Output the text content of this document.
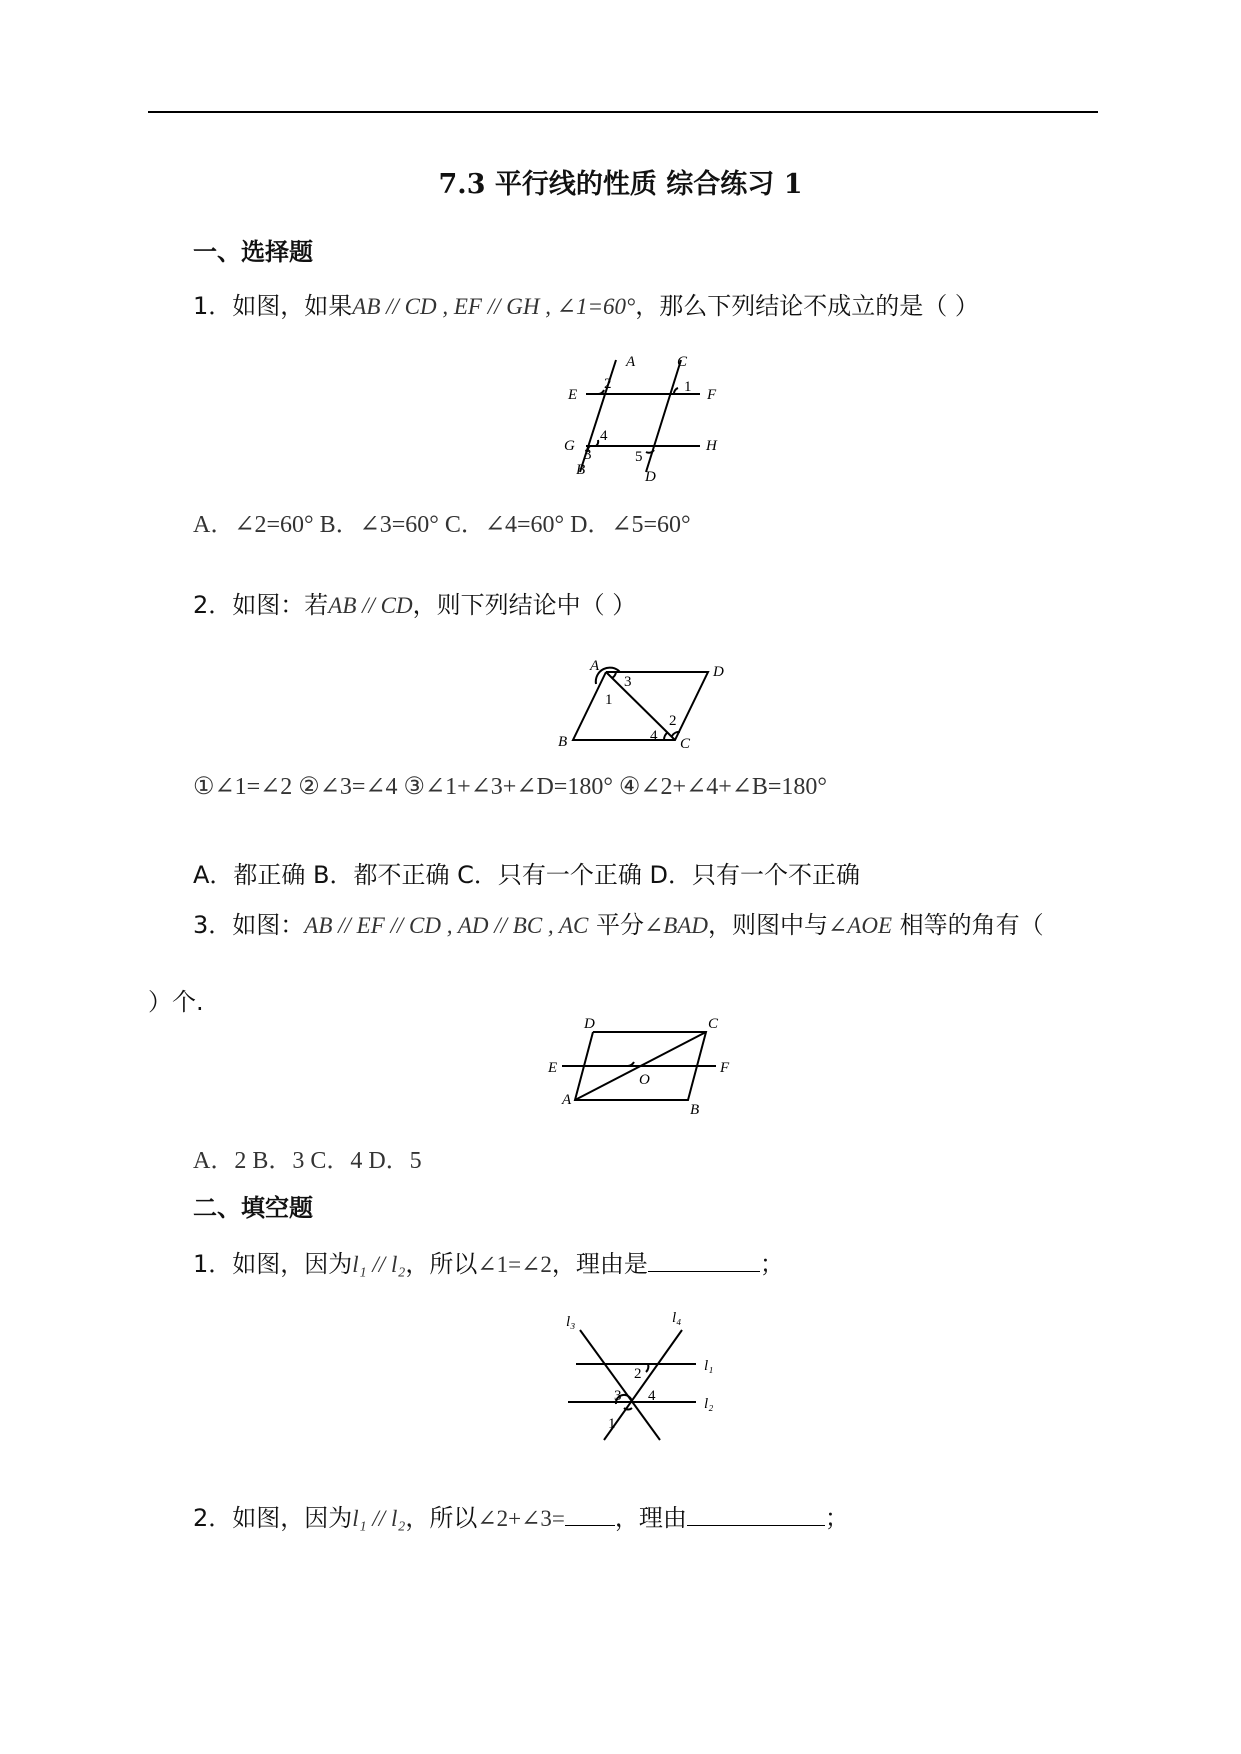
7.3 平行线的性质 综合练习 1
一、选择题
1．如图，如果AB // CD , EF // GH , ∠1=60°，那么下列结论不成立的是（ ）
A
B
C
D
E	F
G	H
1
2
3
4
5
A．∠2=60° B．∠3=60° C．∠4=60° D．∠5=60°
2．如图：若AB // CD，则下列结论中（ ）
A
B	C
D
1
2
3
4
①∠1=∠2 ②∠3=∠4 ③∠1+∠3+∠D=180° ④∠2+∠4+∠B=180°
A．都正确 B．都不正确 C．只有一个正确 D．只有一个不正确
3．如图：AB // EF // CD , AD // BC , AC 平分∠BAD，则图中与∠AOE 相等的角有（
）个.
D	C
E	F
A
B
O
A．2 B．3 C．4 D．5
二、填空题
1．如图，因为l₁ // l₂，所以∠1=∠2，理由是	；
l₃	l₄
l₁
l₂
1
2
3 4
2．如图，因为l₁ // l₂，所以∠2+∠3= ，理由	；
